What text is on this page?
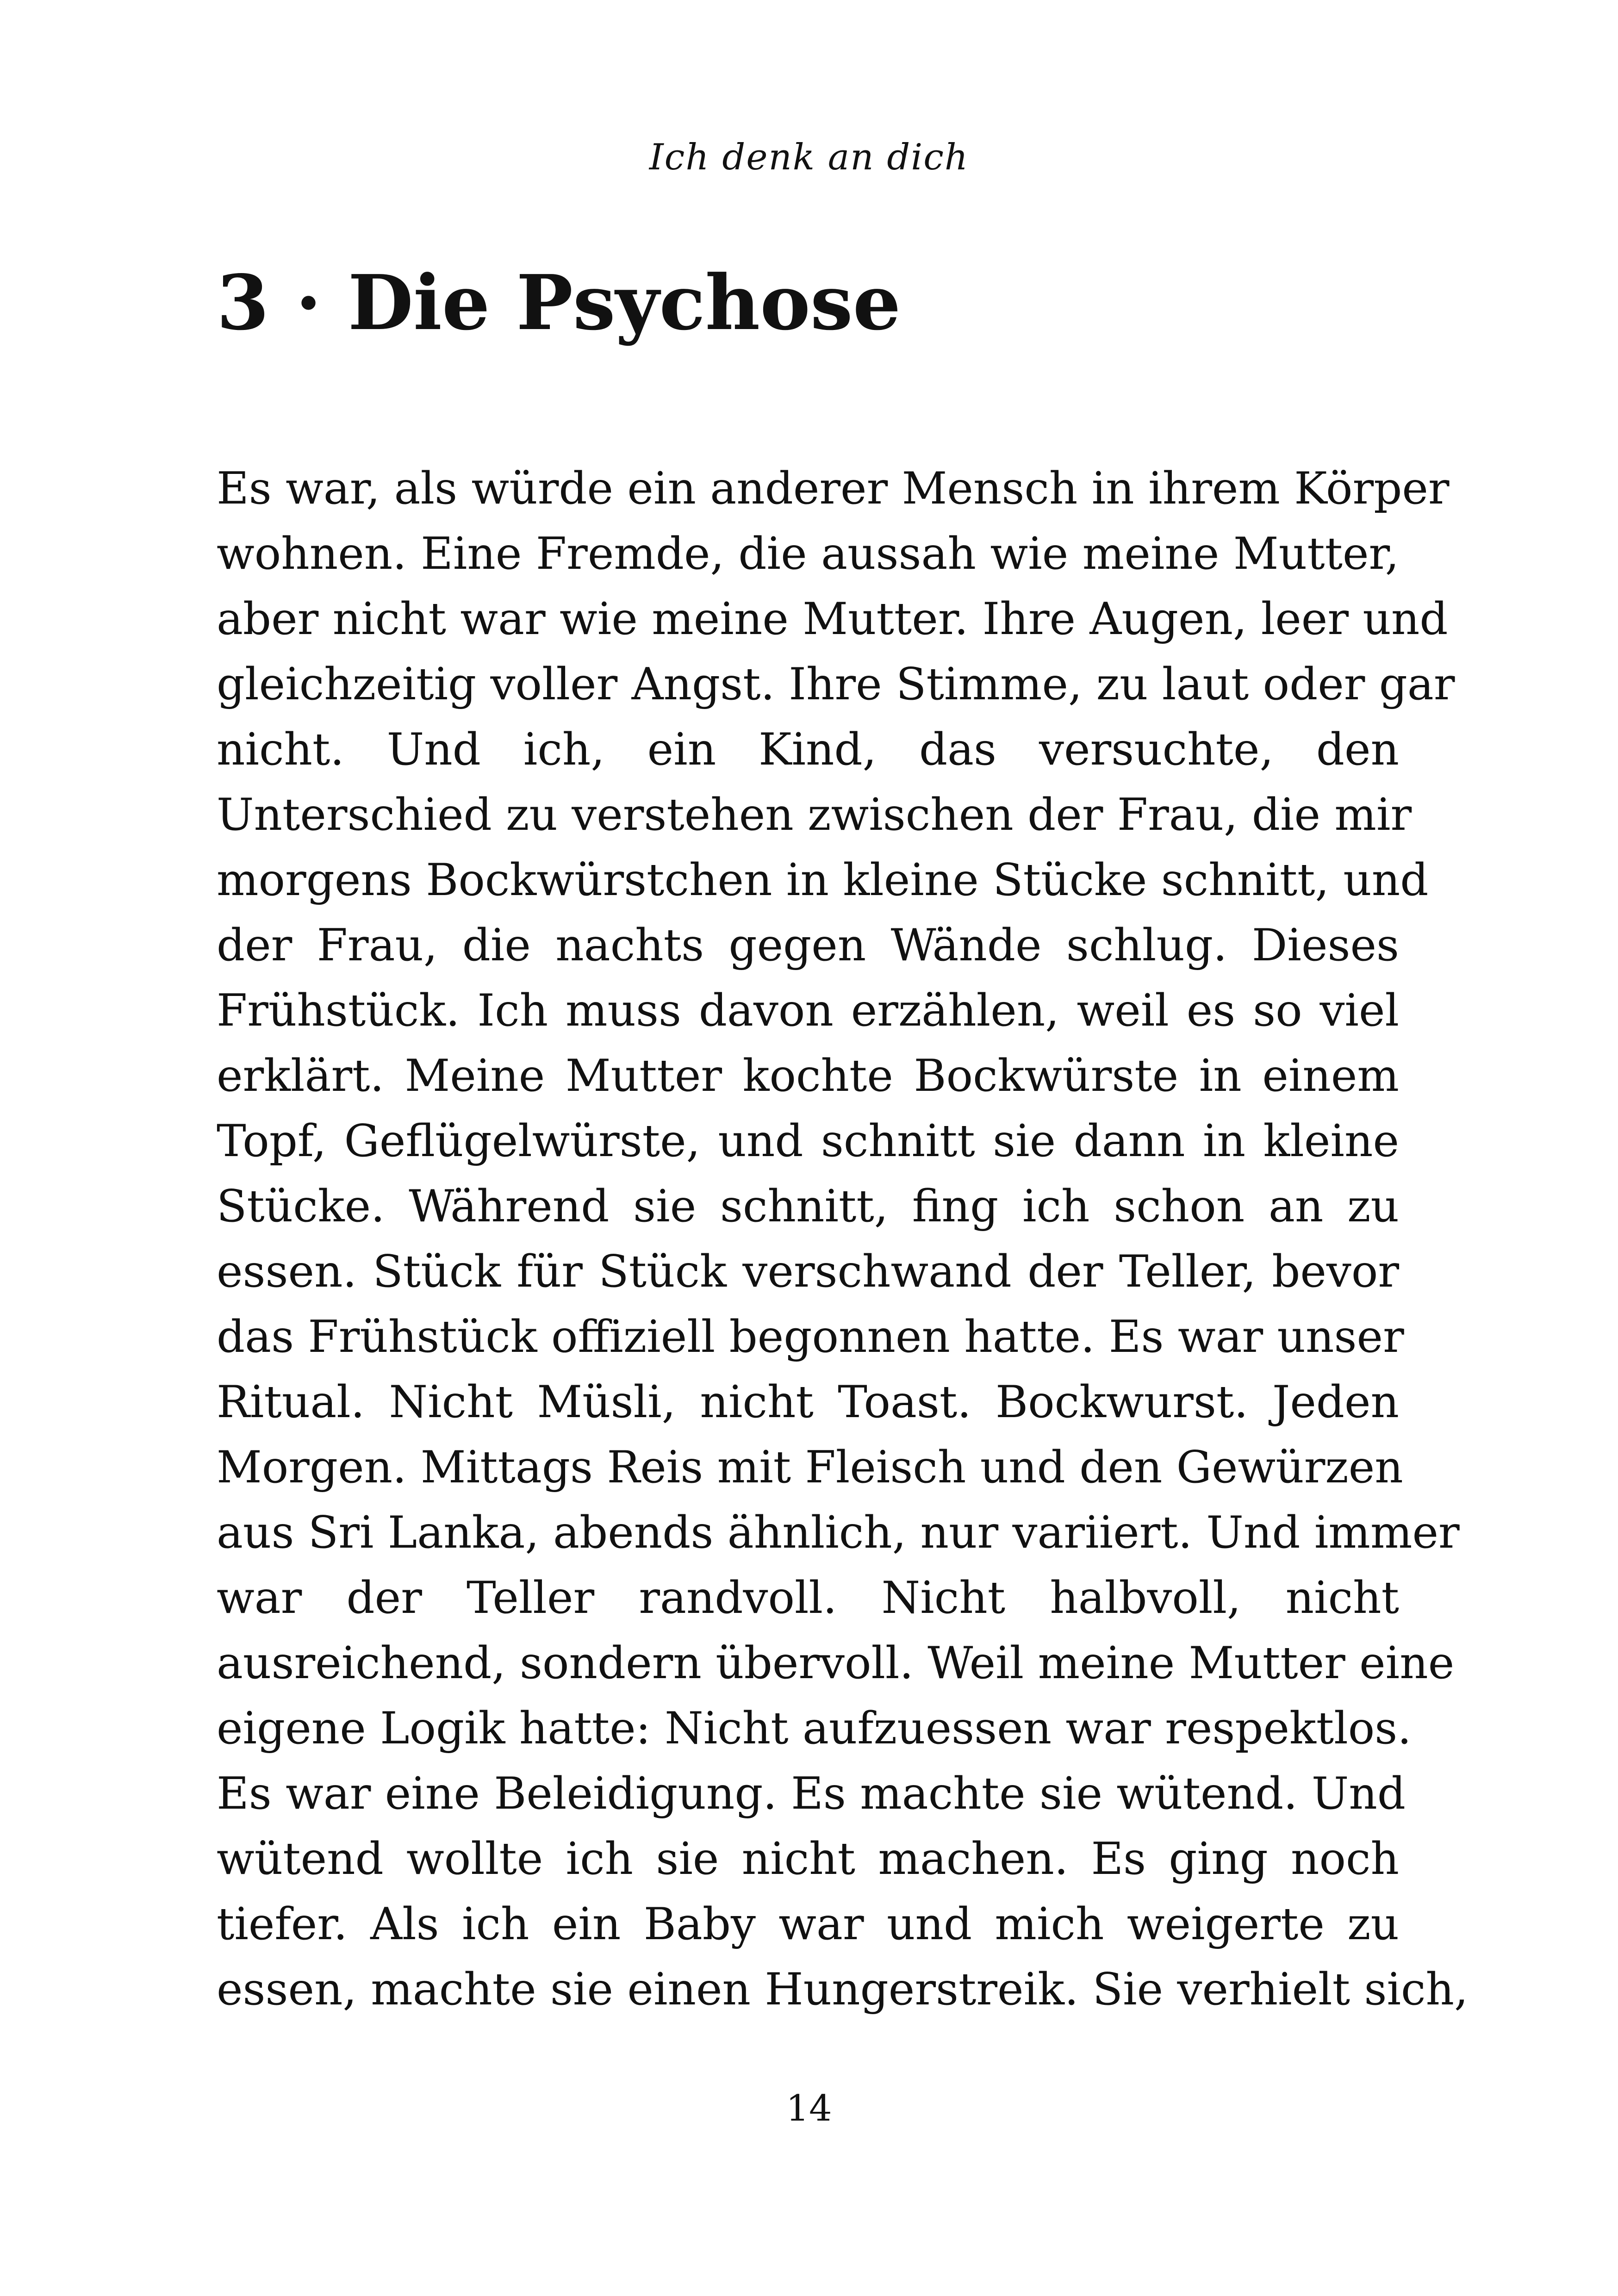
Ich denk an dich
3 · Die Psychose
Es war, als würde ein anderer Mensch in ihrem Körper
wohnen. Eine Fremde, die aussah wie meine Mutter,
aber nicht war wie meine Mutter. Ihre Augen, leer und
gleichzeitig voller Angst. Ihre Stimme, zu laut oder gar
nicht. Und ich, ein Kind, das versuchte, den
Unterschied zu verstehen zwischen der Frau, die mir
morgens Bockwürstchen in kleine Stücke schnitt, und
der Frau, die nachts gegen Wände schlug. Dieses
Frühstück. Ich muss davon erzählen, weil es so viel
erklärt. Meine Mutter kochte Bockwürste in einem
Topf, Geflügelwürste, und schnitt sie dann in kleine
Stücke. Während sie schnitt, fing ich schon an zu
essen. Stück für Stück verschwand der Teller, bevor
das Frühstück offiziell begonnen hatte. Es war unser
Ritual. Nicht Müsli, nicht Toast. Bockwurst. Jeden
Morgen. Mittags Reis mit Fleisch und den Gewürzen
aus Sri Lanka, abends ähnlich, nur variiert. Und immer
war der Teller randvoll. Nicht halbvoll, nicht
ausreichend, sondern übervoll. Weil meine Mutter eine
eigene Logik hatte: Nicht aufzuessen war respektlos.
Es war eine Beleidigung. Es machte sie wütend. Und
wütend wollte ich sie nicht machen. Es ging noch
tiefer. Als ich ein Baby war und mich weigerte zu
essen, machte sie einen Hungerstreik. Sie verhielt sich,
14
